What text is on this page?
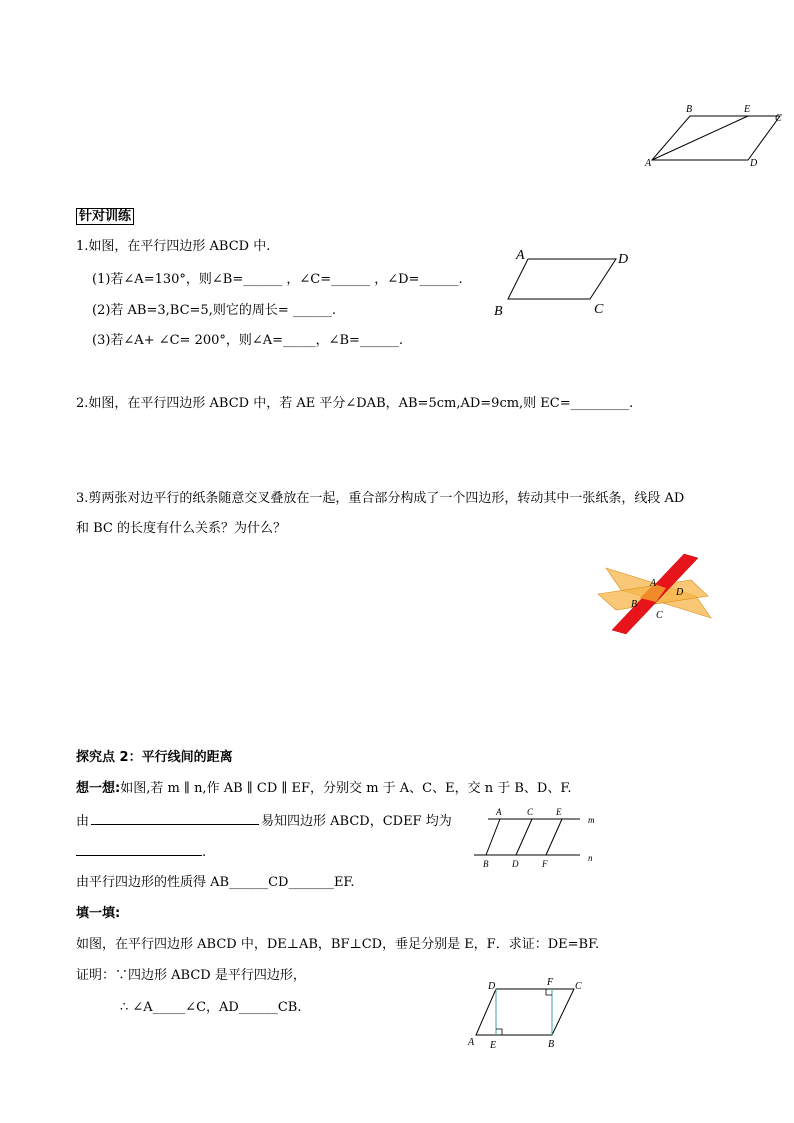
B	E
C
A	D
针对训练
1.如图，在平行四边形 ABCD 中.
(1)若∠A=130°，则∠B=______ ，∠C=______ ，∠D=______.
(2)若 AB=3,BC=5,则它的周长= ______.
(3)若∠A+ ∠C= 200°，则∠A=_____，∠B=______.
A	D
B	C
2.如图，在平行四边形 ABCD 中，若 AE 平分∠DAB，AB=5cm,AD=9cm,则 EC=_________.
3.剪两张对边平行的纸条随意交叉叠放在一起，重合部分构成了一个四边形，转动其中一张纸条，线段 AD
和 BC 的长度有什么关系？为什么？
A
D
B
C
探究点 2：平行线间的距离
想一想:如图,若 m ∥ n,作 AB ∥ CD ∥ EF，分别交 m 于 A、C、E，交 n 于 B、D、F.
由	易知四边形 ABCD，CDEF 均为
.
由平行四边形的性质得 AB______CD_______EF.
A	C	E
m
B	D	F
n
填一填:
如图，在平行四边形 ABCD 中，DE⊥AB，BF⊥CD，垂足分别是 E，F．求证：DE=BF.
证明：∵四边形 ABCD 是平行四边形，
∴ ∠A_____∠C，AD______CB.
D	F C
A E	B
